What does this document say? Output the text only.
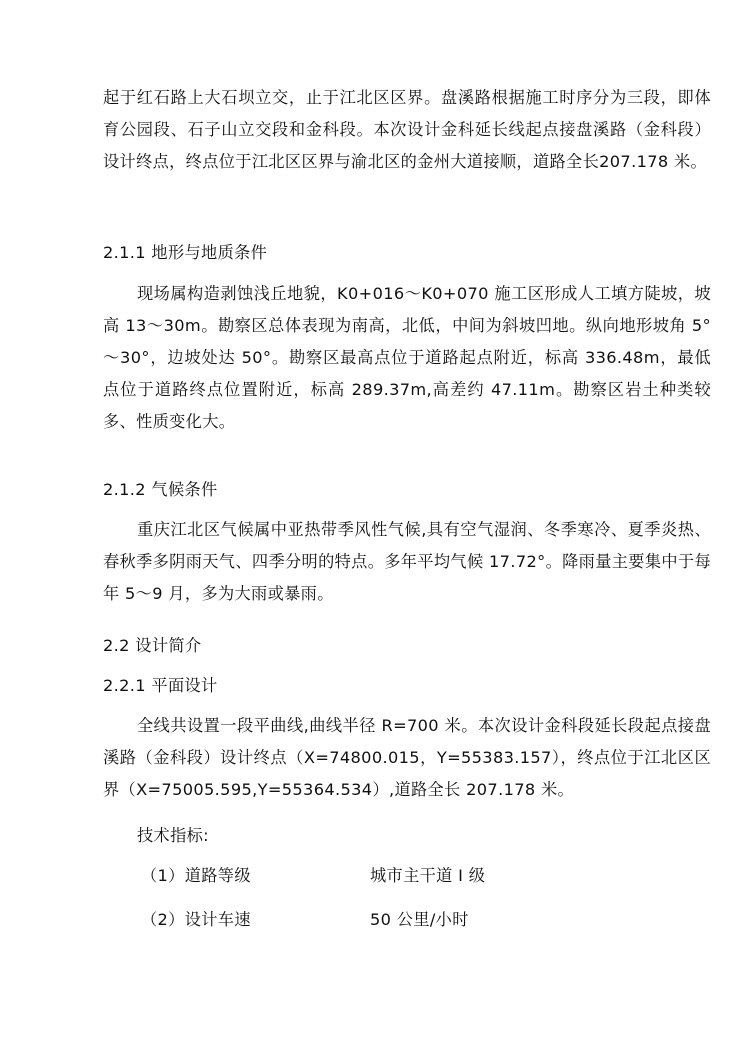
起于红石路上大石坝立交，止于江北区区界。盘溪路根据施工时序分为三段，即体育公园段、石子山立交段和金科段。本次设计金科延长线起点接盘溪路（金科段）设计终点，终点位于江北区区界与渝北区的金州大道接顺，道路全长207.178 米。

2.1.1 地形与地质条件

现场属构造剥蚀浅丘地貌，K0+016～K0+070 施工区形成人工填方陡坡，坡高 13～30m。勘察区总体表现为南高，北低，中间为斜坡凹地。纵向地形坡角 5°～30°，边坡处达 50°。勘察区最高点位于道路起点附近，标高 336.48m，最低点位于道路终点位置附近，标高 289.37m,高差约 47.11m。勘察区岩土种类较多、性质变化大。

2.1.2 气候条件

重庆江北区气候属中亚热带季风性气候,具有空气湿润、冬季寒冷、夏季炎热、春秋季多阴雨天气、四季分明的特点。多年平均气候 17.72°。降雨量主要集中于每年 5～9 月，多为大雨或暴雨。

2.2 设计简介
2.2.1 平面设计

全线共设置一段平曲线,曲线半径 R=700 米。本次设计金科段延长段起点接盘溪路（金科段）设计终点（X=74800.015，Y=55383.157），终点位于江北区区界（X=75005.595,Y=55364.534）,道路全长 207.178 米。

技术指标:

（1）道路等级	城市主干道 I 级
（2）设计车速	50 公里/小时
